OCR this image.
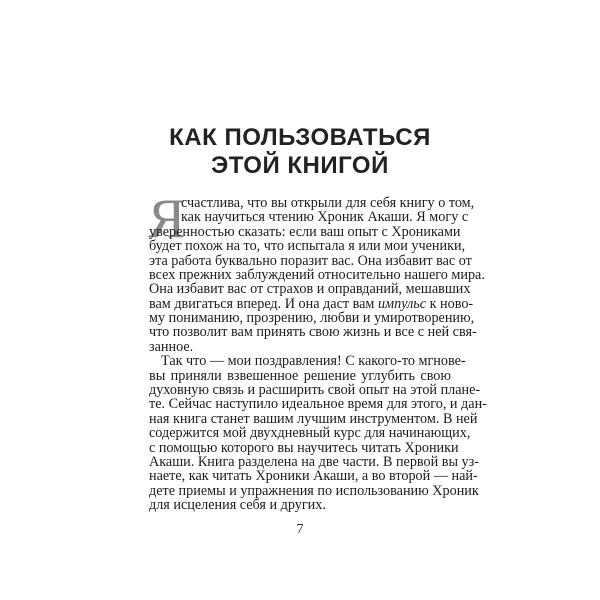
КАК ПОЛЬЗОВАТЬСЯ
ЭТОЙ КНИГОЙ
Я
счастлива, что вы открыли для себя книгу о том,
как научиться чтению Хроник Акаши. Я могу с
уверенностью сказать: если ваш опыт с Хрониками
будет похож на то, что испытала я или мои ученики,
эта работа буквально поразит вас. Она избавит вас от
всех прежних заблуждений относительно нашего мира.
Она избавит вас от страхов и оправданий, мешавших
вам двигаться вперед. И она даст вам импульс к ново-
му пониманию, прозрению, любви и умиротворению,
что позволит вам принять свою жизнь и все с ней свя-
занное.
Так что — мои поздравления! С какого-то мгнове-
вы приняли взвешенное решение углубить свою
духовную связь и расширить свой опыт на этой плане-
те. Сейчас наступило идеальное время для этого, и дан-
ная книга станет вашим лучшим инструментом. В ней
содержится мой двухдневный курс для начинающих,
с помощью которого вы научитесь читать Хроники
Акаши. Книга разделена на две части. В первой вы уз-
наете, как читать Хроники Акаши, а во второй — най-
дете приемы и упражнения по использованию Хроник
для исцеления себя и других.
7
